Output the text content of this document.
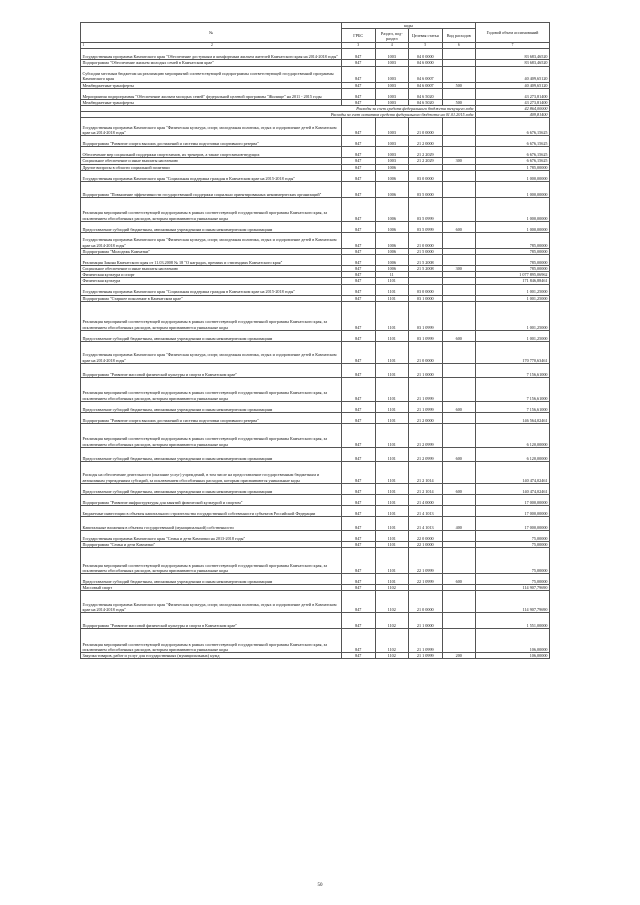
№	коды				Годовой объем ассигнований
	ГРБС	Раздел, под-раздел	Целевая статья	Вид расходов	

1 2	3	4	5	6	7
Государственная программа Камчатского края "Обеспечение доступным и комфортным жильем жителей Камчатского края на 2014-2018 годы"	847	1003	04 0 0000		83 683,46520
Подпрограмма "Обеспечение жильем молодых семей в Камчатском крае"	847	1003	04 6 0000		83 683,46520
Субсидии местным бюджетам на реализацию мероприятий соответствующей подпрограммы соответствующей государственной программы Камчатского края	847	1003	04 6 0007		40 409,65120
Межбюджетные трансферты	847	1003	04 6 0007	500	40 409,65120
Мероприятия подпрограммы "Обеспечение жильем молодых семей" федеральной целевой программы "Жилище" на 2011 - 2015 годы	847	1003	04 6 5020		43 273,81400
Межбюджетные трансферты	847	1003	04 6 5020	500	43 273,81400
Расходы за счет средств федерального бюджета текущего года					42 864,00000
Расходы за счет остатков средств федерального бюджета на 01.01.2015 года					409,81400
Государственная программа Камчатского края "Физическая культура, спорт, молодежная политика, отдых и оздоровление детей в Камчатском крае на 2014-2018 годы"	847	1003	21 0 0000		6 676,15625
Подпрограмма "Развитие спорта высших достижений и системы подготовки спортивного резерва"	847	1003	21 2 0000		6 676,15625
Обеспечение мер социальной поддержки спортсменов, их тренеров, а также спортсменов-ведущих	847	1003	21 2 2029		6 676,15625
Социальное обеспечение и иные выплаты населению	847	1003	21 2 2029	300	6 676,15625
Другие вопросы в области социальной политики	847	1006			1 785,00000
Государственная программа Камчатского края "Социальная поддержка граждан в Камчатском крае на 2015-2018 годы"	847	1006	03 0 0000		1 000,00000
Подпрограмма "Повышение эффективности государственной поддержки социально ориентированных некоммерческих организаций"	847	1006	03 5 0000		1 000,00000
Реализация мероприятий соответствующей подпрограммы в рамках соответствующей государственной программы Камчатского края, за исключением обособленных расходов, которым присваиваются уникальные коды	847	1006	03 5 0999		1 000,00000
Предоставление субсидий бюджетным, автономным учреждениям и иным некоммерческим организациям	847	1006	03 5 0999	600	1 000,00000
Государственная программа Камчатского края "Физическая культура, спорт, молодежная политика, отдых и оздоровление детей в Камчатском крае на 2014-2018 годы"	847	1006	21 0 0000		785,00000
Подпрограмма "Молодежь Камчатки"	847	1006	21 5 0000		785,00000
Реализация Закона Камчатского края от 11.03.2008 № 18 "О наградах, премиях и стипендиях Камчатского края"	847	1006	21 5 2008		785,00000
Социальное обеспечение и иные выплаты населению	847	1006	21 5 2008	300	785,00000
Физическая культура и спорт	847	11			1 077 895,06962
Физическая культура	847	1101			171 846,88461
Государственная программа Камчатского края "Социальная поддержка граждан в Камчатском крае на 2015-2018 годы"	847	1101	03 0 0000		1 001,25000
Подпрограмма "Старшее поколение в Камчатском крае"	847	1101	03 1 0000		1 001,25000
Реализация мероприятий соответствующей подпрограммы в рамках соответствующей государственной программы Камчатского края, за исключением обособленных расходов, которым присваиваются уникальные коды	847	1101	03 1 0999		1 001,25000
Предоставление субсидий бюджетным, автономным учреждениям и иным некоммерческим организациям	847	1101	03 1 0999	600	1 001,25000
Государственная программа Камчатского края "Физическая культура, спорт, молодежная политика, отдых и оздоровление детей в Камчатском крае на 2014-2018 годы"	847	1101	21 0 0000		170 770,63461
Подпрограмма "Развитие массовой физической культуры и спорта в Камчатском крае"	847	1101	21 1 0000		7 156,61000
Реализация мероприятий соответствующей подпрограммы в рамках соответствующей государственной программы Камчатского края, за исключением обособленных расходов, которым присваиваются уникальные коды	847	1101	21 1 0999		7 156,61000
Предоставление субсидий бюджетным, автономным учреждениям и иным некоммерческим организациям	847	1101	21 1 0999	600	7 156,61000
Подпрограмма "Развитие спорта высших достижений и системы подготовки спортивного резерва"	847	1101	21 2 0000		146 564,02461
Реализация мероприятий соответствующей подпрограммы в рамках соответствующей государственной программы Камчатского края, за исключением обособленных расходов, которым присваиваются уникальные коды	847	1101	21 2 0999		6 120,00000
Предоставление субсидий бюджетным, автономным учреждениям и иным некоммерческим организациям	847	1101	21 2 0999	600	6 120,00000
Расходы на обеспечение деятельности (оказание услуг) учреждений, в том числе на предоставление государственным бюджетным и автономным учреждениям субсидий, за исключением обособленных расходов, которым присваиваются уникальные коды	847	1101	21 2 1014		140 474,02461
Предоставление субсидий бюджетным, автономным учреждениям и иным некоммерческим организациям	847	1101	21 2 1014	600	140 474,02461
Подпрограмма "Развитие инфраструктуры для занятий физической культурой и спортом"	847	1101	21 4 0000		17 000,00000
Бюджетные инвестиции в объекты капитального строительства государственной собственности субъектов Российской Федерации	847	1101	21 4 1013		17 000,00000
Капитальные вложения в объекты государственной (муниципальной) собственности	847	1101	21 4 1013	400	17 000,00000
Государственная программа Камчатского края "Семья и дети Камчатки на 2013-2018 годы"	847	1101	22 0 0000		75,00000
Подпрограмма "Семья и дети Камчатки"	847	1101	22 1 0000		75,00000
Реализация мероприятий соответствующей подпрограммы в рамках соответствующей государственной программы Камчатского края, за исключением обособленных расходов, которым присваиваются уникальные коды	847	1101	22 1 0999		75,00000
Предоставление субсидий бюджетным, автономным учреждениям и иным некоммерческим организациям	847	1101	22 1 0999	600	75,00000
Массовый спорт	847	1102			114 907,79690
Государственная программа Камчатского края "Физическая культура, спорт, молодежная политика, отдых и оздоровление детей в Камчатском крае на 2014-2018 годы"	847	1102	21 0 0000		114 907,79690
Подпрограмма "Развитие массовой физической культуры и спорта в Камчатском крае"	847	1102	21 1 0000		1 551,00000
Реализация мероприятий соответствующей подпрограммы в рамках соответствующей государственной программы Камчатского края, за исключением обособленных расходов, которым присваиваются уникальные коды	847	1102	21 1 0999		106,00000
Закупка товаров, работ и услуг для государственных (муниципальных) нужд	847	1102	21 1 0999	200	106,00000
50
